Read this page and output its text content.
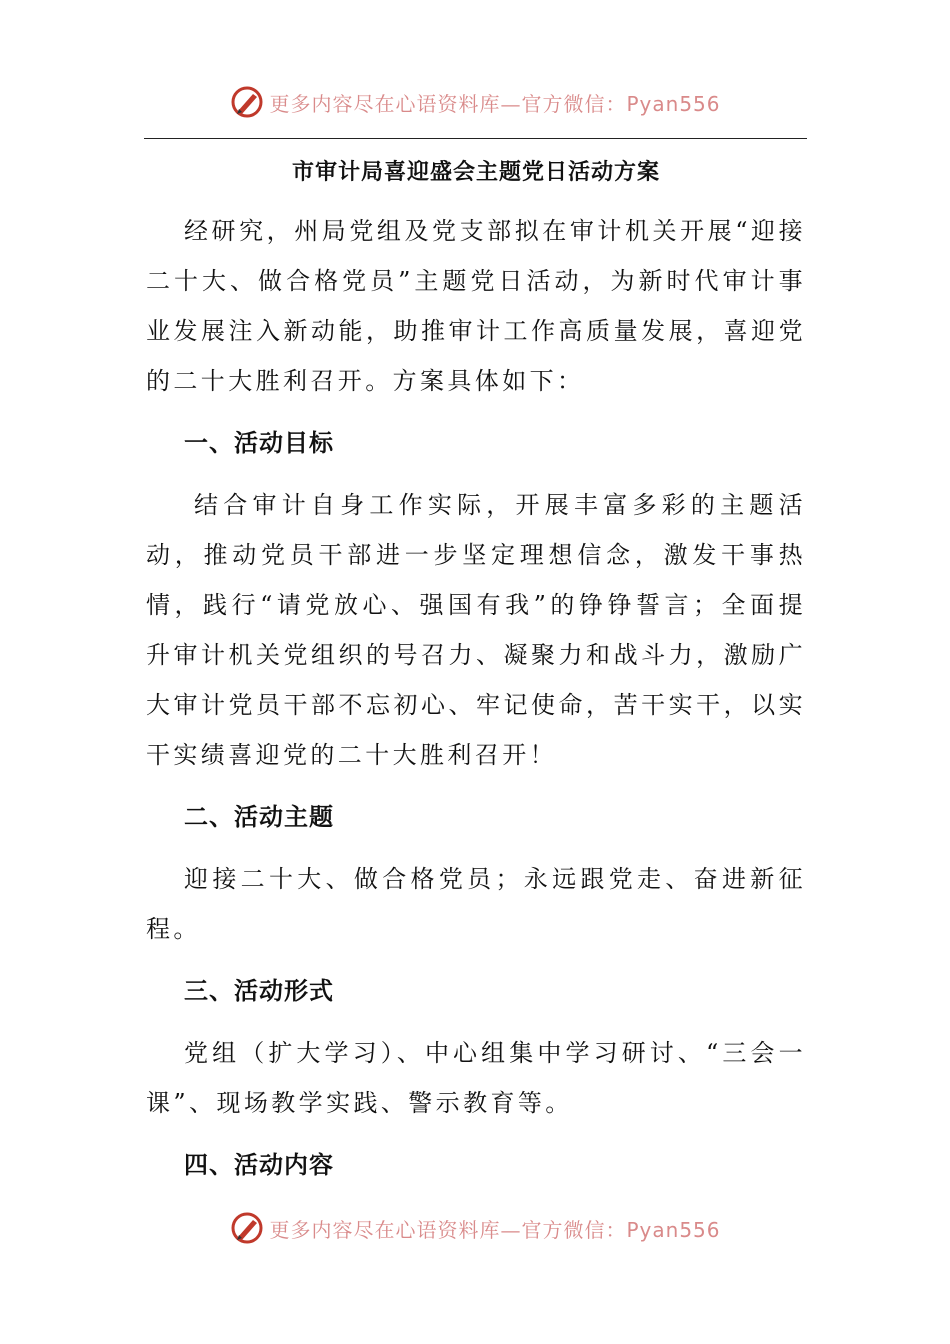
更多内容尽在心语资料库—官方微信：Pyan556
市审计局喜迎盛会主题党日活动方案

经研究，州局党组及党支部拟在审计机关开展“迎接二十大、做合格党员”主题党日活动，为新时代审计事业发展注入新动能，助推审计工作高质量发展，喜迎党的二十大胜利召开。方案具体如下：

一、活动目标

结合审计自身工作实际，开展丰富多彩的主题活动，推动党员干部进一步坚定理想信念，激发干事热情，践行“请党放心、强国有我”的铮铮誓言；全面提升审计机关党组织的号召力、凝聚力和战斗力，激励广大审计党员干部不忘初心、牢记使命，苦干实干，以实干实绩喜迎党的二十大胜利召开！

二、活动主题

迎接二十大、做合格党员；永远跟党走、奋进新征程。

三、活动形式

党组（扩大学习）、中心组集中学习研讨、“三会一课”、现场教学实践、警示教育等。

四、活动内容
更多内容尽在心语资料库—官方微信：Pyan556
